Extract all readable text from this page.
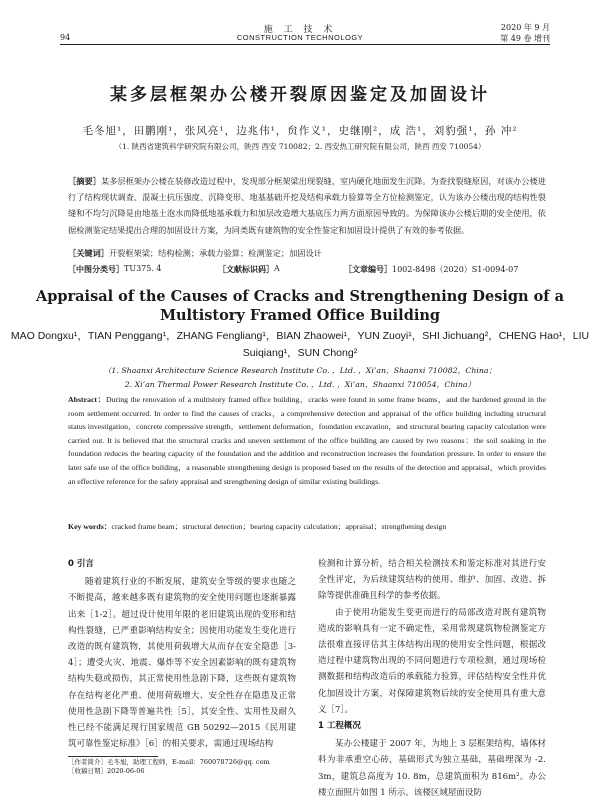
94
施 工 技 术
CONSTRUCTION TECHNOLOGY
2020 年 9 月
第 49 卷 增刊
某多层框架办公楼开裂原因鉴定及加固设计
毛冬旭¹，田鹏刚¹，张风亮¹，边兆伟¹，贠作义¹，史继刚²，成 浩¹，刘豹强¹，孙 冲²
（1. 陕西省建筑科学研究院有限公司，陕西 西安 710082；2. 西安热工研究院有限公司，陕西 西安 710054）
［摘要］某多层框架办公楼在装修改造过程中，发现部分框架梁出现裂缝，室内硬化地面发生沉降。为查找裂缝原因，对该办公楼进行了结构现状调查、混凝土抗压强度、沉降变形、地基基础开挖及结构承载力验算等全方位检测鉴定，认为该办公楼出现的结构性裂缝和不均匀沉降是由地基土泡水而降低地基承载力和加层改造增大基底压力两方面原因导致的。为保障该办公楼后期的安全使用，依据检测鉴定结果提出合理的加固设计方案，为同类既有建筑物的安全性鉴定和加固设计提供了有效的参考依据。
［关键词］开裂框架梁；结构检测；承载力验算；检测鉴定；加固设计
［中图分类号］ TU375. 4	［文献标识码］ A	［文章编号］ 1002-8498（2020）S1-0094-07
Appraisal of the Causes of Cracks and Strengthening Design of a Multistory Framed Office Building
MAO Dongxu¹，TIAN Penggang¹，ZHANG Fengliang¹，BIAN Zhaowei¹，YUN Zuoyi¹，SHI Jichuang²，CHENG Hao¹，LIU Suiqiang¹，SUN Chong²
（1. Shaanxi Architecture Science Research Institute Co. ，Ltd. ，Xi’an，Shaanxi 710082，China；
2. Xi’an Thermal Power Research Institute Co. ，Ltd. ，Xi’an，Shaanxi 710054，China）
Abstract：During the renovation of a multistory framed office building，cracks were found in some frame beams，and the hardened ground in the room settlement occurred. In order to find the causes of cracks，a comprehensive detection and appraisal of the office building including structural status investigation，concrete compressive strength，settlement deformation，foundation excavation，and structural bearing capacity calculation were carried out. It is believed that the structural cracks and uneven settlement of the office building are caused by two reasons：the soil soaking in the foundation reduces the bearing capacity of the foundation and the addition and reconstruction increases the foundation pressure. In order to ensure the later safe use of the office building，a reasonable strengthening design is proposed based on the results of the detection and appraisal，which provides an effective reference for the safety appraisal and strengthening design of similar existing buildings.
Key words：cracked frame beam；structural detection；bearing capacity calculation；appraisal；strengthening design
0 引言

随着建筑行业的不断发展，建筑安全等级的要求也随之不断提高，越来越多既有建筑物的安全使用问题也逐渐暴露出来［1-2］。超过设计使用年限的老旧建筑出现的变形和结构性裂缝，已严重影响结构安全；因使用功能发生变化进行改造的既有建筑物，其使用荷载增大从而存在安全隐患［3-4］；遭受火灾、地震、爆炸等不安全因素影响的既有建筑物结构失稳或损伤，其正常使用性急剧下降，这些既有建筑物存在结构老化严重、使用荷载增大、安全性存在隐患及正常使用性急剧下降等普遍共性［5］，其安全性、实用性及耐久性已经不能满足现行国家规范 GB 50292—2015《民用建筑可靠性鉴定标准》［6］的相关要求，需通过现场结构

检测和计算分析，结合相关检测技术和鉴定标准对其进行安全性评定，为后续建筑结构的使用、维护、加固、改造、拆除等提供准确且科学的参考依据。

由于使用功能发生变更而进行的局部改造对既有建筑物造成的影响具有一定不确定性，采用常规建筑物检测鉴定方法很难直接评估其主体结构出现的使用安全性问题，根据改造过程中建筑物出现的不同问题进行专项检测，通过现场检测数据和结构改造后的承载能力验算，评估结构安全性并优化加固设计方案，对保障建筑物后续的安全使用具有重大意义［7］。

1 工程概况

某办公楼建于 2007 年，为地上 3 层框架结构，墙体材料为非承重空心砖，基础形式为独立基础，基础埋深为 -2. 3m，建筑总高度为 10. 8m，总建筑面积为 816m²。办公楼立面照片如图 1 所示。该楼区域屋面设防

［作者简介］毛冬旭，助理工程师，E-mail：760078726@qq. com
［收稿日期］2020-06-06
